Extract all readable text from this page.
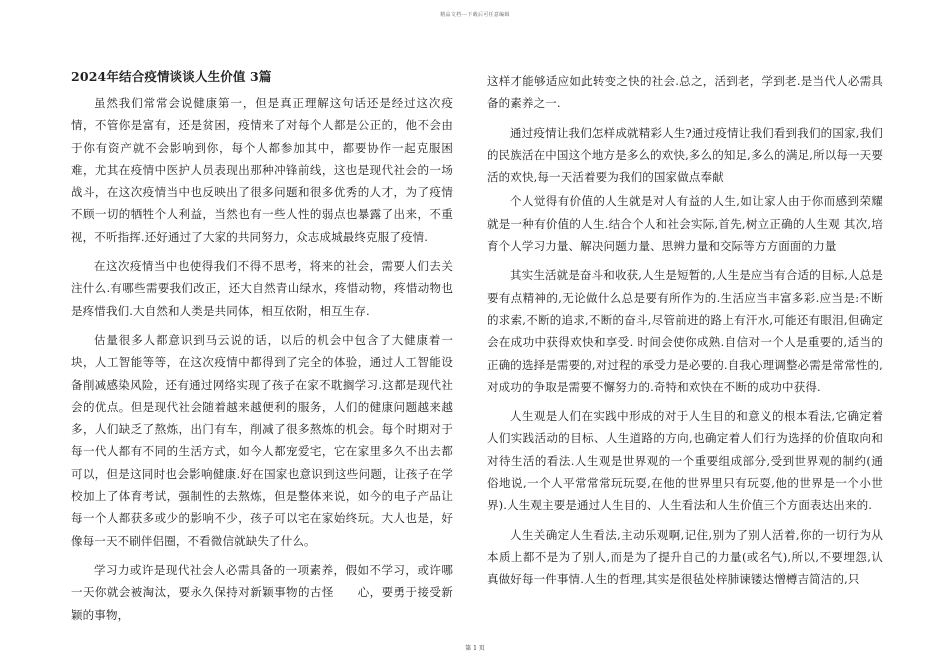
精品文档---下载后可任意编辑
2024年结合疫情谈谈人生价值 3篇

虽然我们常常会说健康第一，但是真正理解这句话还是经过这次疫情，不管你是富有，还是贫困，疫情来了对每个人都是公正的，他不会由于你有资产就不会影响到你，每个人都参加其中，都要协作一起克服困难，尤其在疫情中医护人员表现出那种冲锋前线，这也是现代社会的一场战斗，在这次疫情当中也反映出了很多问题和很多优秀的人才，为了疫情不顾一切的牺牲个人利益，当然也有一些人性的弱点也暴露了出来，不重视，不听指挥.还好通过了大家的共同努力，众志成城最终克服了疫情.

在这次疫情当中也使得我们不得不思考，将来的社会，需要人们去关注什么.有哪些需要我们改正，还大自然青山绿水，疼惜动物，疼惜动物也是疼惜我们.大自然和人类是共同体，相互依附，相互生存.

估量很多人都意识到马云说的话，以后的机会中包含了大健康着一块，人工智能等等，在这次疫情中都得到了完全的体验，通过人工智能设备削减感染风险，还有通过网络实现了孩子在家不耽搁学习.这都是现代社会的优点。但是现代社会随着越来越便利的服务，人们的健康问题越来越多，人们缺乏了熬炼，出门有车，削减了很多熬炼的机会。每个时期对于每一代人都有不同的生活方式，如今人都宠爱宅，它在家里多久不出去都可以，但是这同时也会影响健康.好在国家也意识到这些问题，让孩子在学校加上了体育考试，强制性的去熬炼，但是整体来说，如今的电子产品让每一个人都获多或少的影响不少，孩子可以宅在家始终玩。大人也是，好像每一天不刷伴侣圈，不看微信就缺失了什么。

学习力或许是现代社会人必需具备的一项素养，假如不学习，或许哪一天你就会被淘汰，要永久保持对新颖事物的古怪　　心，要勇于接受新颖的事物，

这样才能够适应如此转变之快的社会.总之，活到老，学到老.是当代人必需具备的素养之一.

通过疫情让我们怎样成就精彩人生?通过疫情让我们看到我们的国家,我们的民族活在中国这个地方是多么的欢快,多么的知足,多么的满足,所以每一天要活的欢快,每一天活着要为我们的国家做点奉献

个人觉得有价值的人生就是对人有益的人生,如让家人由于你而感到荣耀就是一种有价值的人生.结合个人和社会实际,首先,树立正确的人生观 其次,培育个人学习力量、解决问题力量、思辨力量和交际等方方面面的力量

其实生活就是奋斗和收获,人生是短暂的,人生是应当有合适的目标,人总是要有点精神的,无论做什么总是要有所作为的.生活应当丰富多彩.应当是:不断的求索,不断的追求,不断的奋斗,尽管前进的路上有汗水,可能还有眼泪,但确定会在成功中获得欢快和享受. 时间会使你成熟.自信对一个人是重要的,适当的正确的选择是需要的,对过程的承受力是必要的.自我心理调整必需是常常性的,对成功的争取是需要不懈努力的.奇特和欢快在不断的成功中获得.

人生观是人们在实践中形成的对于人生目的和意义的根本看法,它确定着人们实践活动的目标、人生道路的方向,也确定着人们行为选择的价值取向和对待生活的看法.人生观是世界观的一个重要组成部分,受到世界观的制约(通俗地说,一个人平常常常玩玩耍,在他的世界里只有玩耍,他的世界是一个小世界).人生观主要是通过人生目的、人生看法和人生价值三个方面表达出来的.

人生关确定人生看法,主动乐观啊,记住,别为了别人活着,你的一切行为从本质上都不是为了别人,而是为了提升自己的力量(或名气),所以,不要埋怨,认真做好每一件事情.人生的哲理,其实是很毡处梓肺谏镂达憎樽吉简洁的,只

第 1 页
